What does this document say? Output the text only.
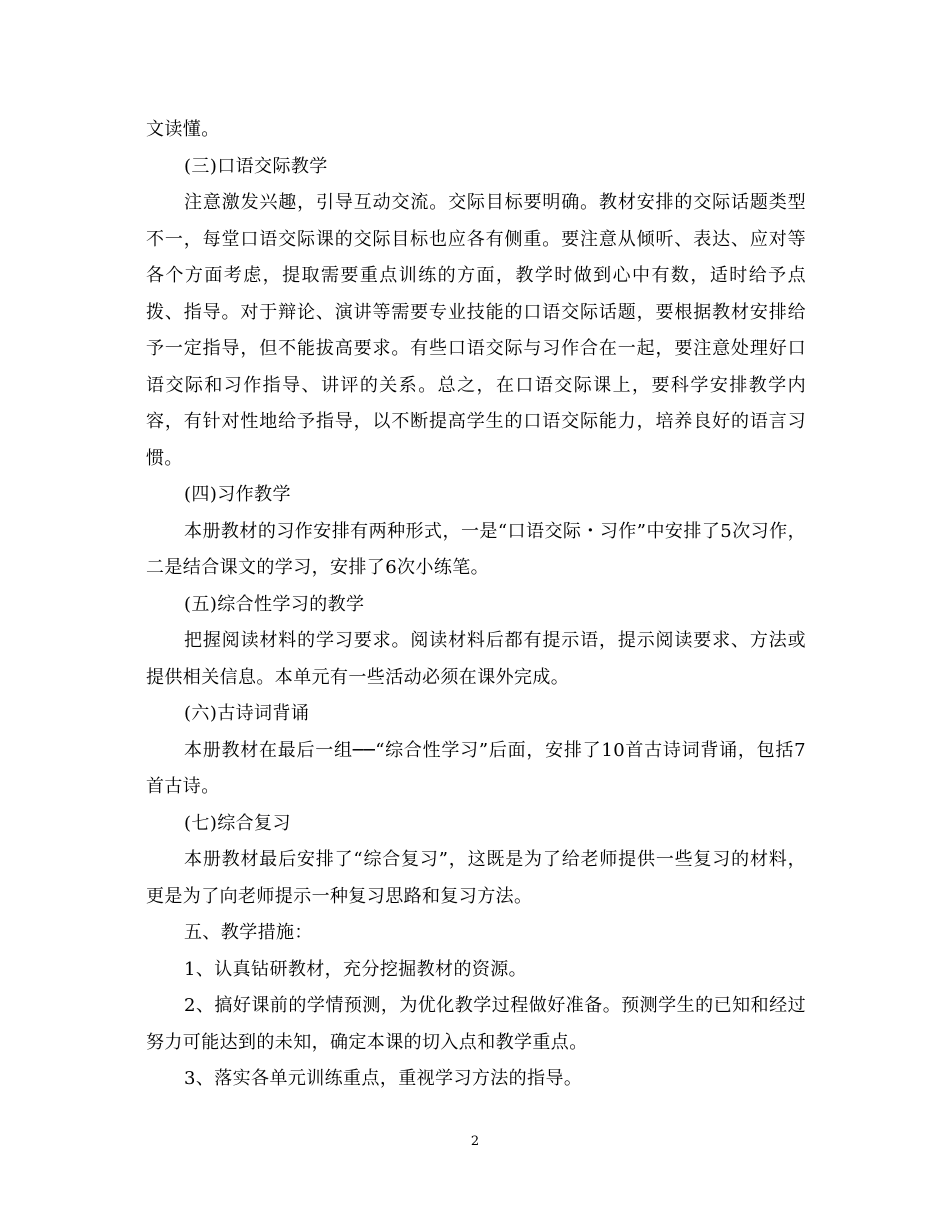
文读懂。

(三)口语交际教学

注意激发兴趣，引导互动交流。交际目标要明确。教材安排的交际话题类型不一，每堂口语交际课的交际目标也应各有侧重。要注意从倾听、表达、应对等各个方面考虑，提取需要重点训练的方面，教学时做到心中有数，适时给予点拨、指导。对于辩论、演讲等需要专业技能的口语交际话题，要根据教材安排给予一定指导，但不能拔高要求。有些口语交际与习作合在一起，要注意处理好口语交际和习作指导、讲评的关系。总之，在口语交际课上，要科学安排教学内容，有针对性地给予指导，以不断提高学生的口语交际能力，培养良好的语言习惯。

(四)习作教学

本册教材的习作安排有两种形式，一是“口语交际・习作”中安排了5次习作，二是结合课文的学习，安排了6次小练笔。

(五)综合性学习的教学

把握阅读材料的学习要求。阅读材料后都有提示语，提示阅读要求、方法或提供相关信息。本单元有一些活动必须在课外完成。

(六)古诗词背诵

本册教材在最后一组──“综合性学习”后面，安排了10首古诗词背诵，包括7首古诗。

(七)综合复习

本册教材最后安排了“综合复习”，这既是为了给老师提供一些复习的材料，更是为了向老师提示一种复习思路和复习方法。

五、教学措施：

1、认真钻研教材，充分挖掘教材的资源。

2、搞好课前的学情预测，为优化教学过程做好准备。预测学生的已知和经过努力可能达到的未知，确定本课的切入点和教学重点。

3、落实各单元训练重点，重视学习方法的指导。

2
